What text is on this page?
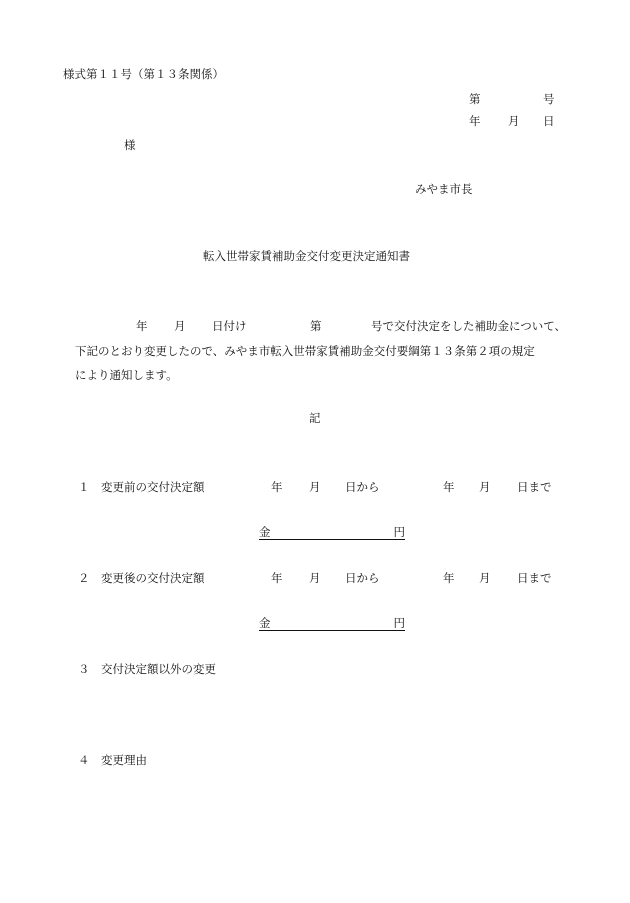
様式第１１号（第１３条関係）
第	号
年 月 日
様
みやま市長
転入世帯家賃補助金交付変更決定通知書
年 月 日付け	第	号で交付決定をした補助金について、
下記のとおり変更したので、みやま市転入世帯家賃補助金交付要綱第１３条第２項の規定
により通知します。
記
１　変更前の交付決定額	年 月 日から	年 月 日まで
金	円
２　変更後の交付決定額	年 月 日から	年 月 日まで
金	円
３　交付決定額以外の変更
４　変更理由
